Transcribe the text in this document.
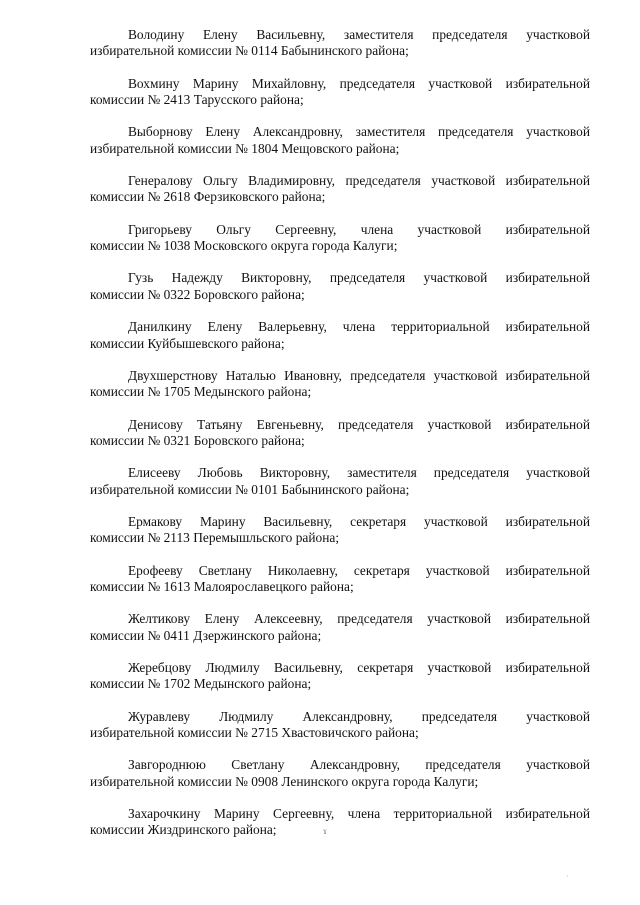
Володину Елену Васильевну, заместителя председателя участковой
избирательной комиссии № 0114 Бабынинского района;
Вохмину Марину Михайловну, председателя участковой избирательной
комиссии № 2413 Тарусского района;
Выборнову Елену Александровну, заместителя председателя участковой
избирательной комиссии № 1804 Мещовского района;
Генералову Ольгу Владимировну, председателя участковой избирательной
комиссии № 2618 Ферзиковского района;
Григорьеву Ольгу Сергеевну, члена участковой избирательной
комиссии № 1038 Московского округа города Калуги;
Гузь Надежду Викторовну, председателя участковой избирательной
комиссии № 0322 Боровского района;
Данилкину Елену Валерьевну, члена территориальной избирательной
комиссии Куйбышевского района;
Двухшерстнову Наталью Ивановну, председателя участковой избирательной
комиссии № 1705 Медынского района;
Денисову Татьяну Евгеньевну, председателя участковой избирательной
комиссии № 0321 Боровского района;
Елисееву Любовь Викторовну, заместителя председателя участковой
избирательной комиссии № 0101 Бабынинского района;
Ермакову Марину Васильевну, секретаря участковой избирательной
комиссии № 2113 Перемышльского района;
Ерофееву Светлану Николаевну, секретаря участковой избирательной
комиссии № 1613 Малоярославецкого района;
Желтикову Елену Алексеевну, председателя участковой избирательной
комиссии № 0411 Дзержинского района;
Жеребцову Людмилу Васильевну, секретаря участковой избирательной
комиссии № 1702 Медынского района;
Журавлеву Людмилу Александровну, председателя участковой
избирательной комиссии № 2715 Хвастовичского района;
Завгороднюю Светлану Александровну, председателя участковой
избирательной комиссии № 0908 Ленинского округа города Калуги;
Захарочкину Марину Сергеевну, члена территориальной избирательной
комиссии Жиздринского района;	ɤ
·
